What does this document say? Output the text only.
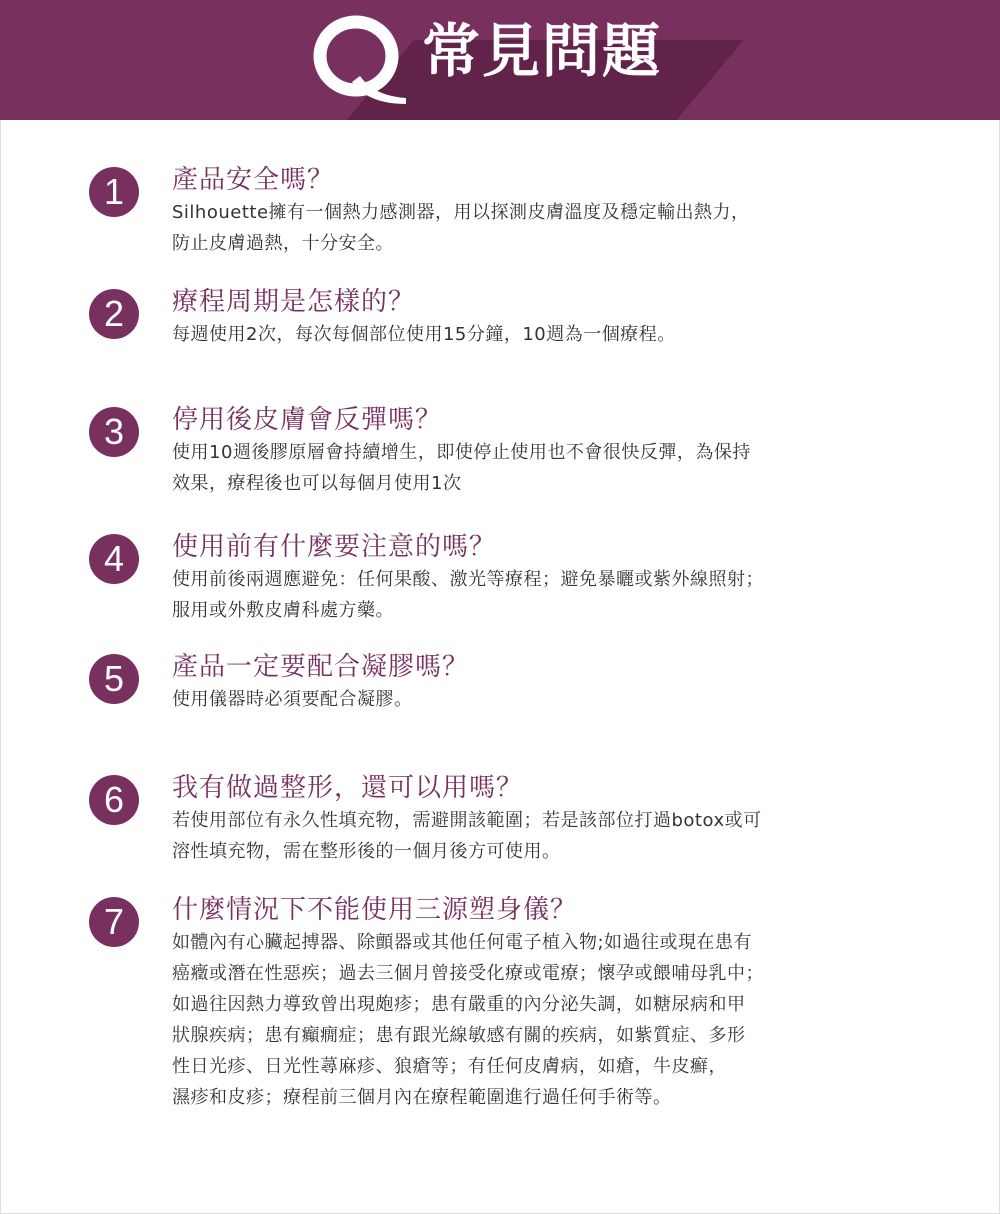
常見問題
1	產品安全嗎？
Silhouette擁有一個熱力感測器，用以探測皮膚溫度及穩定輸出熱力，
防止皮膚過熱，十分安全。
2	療程周期是怎樣的？
每週使用2次，每次每個部位使用15分鐘，10週為一個療程。
3	停用後皮膚會反彈嗎？
使用10週後膠原層會持續增生，即使停止使用也不會很快反彈，為保持
效果，療程後也可以每個月使用1次
4	使用前有什麼要注意的嗎？
使用前後兩週應避免：任何果酸、激光等療程；避免暴曬或紫外線照射；
服用或外敷皮膚科處方藥。
5	產品一定要配合凝膠嗎？
使用儀器時必須要配合凝膠。
6	我有做過整形，還可以用嗎？
若使用部位有永久性填充物，需避開該範圍；若是該部位打過botox或可
溶性填充物，需在整形後的一個月後方可使用。
7	什麼情況下不能使用三源塑身儀？
如體內有心臟起搏器、除顫器或其他任何電子植入物;如過往或現在患有
癌癥或潛在性惡疾；過去三個月曾接受化療或電療；懷孕或餵哺母乳中；
如過往因熱力導致曾出現皰疹；患有嚴重的內分泌失調，如糖尿病和甲
狀腺疾病；患有癲癇症；患有跟光線敏感有關的疾病，如紫質症、多形
性日光疹、日光性蕁麻疹、狼瘡等；有任何皮膚病，如瘡，牛皮癬，
濕疹和皮疹；療程前三個月內在療程範圍進行過任何手術等。
